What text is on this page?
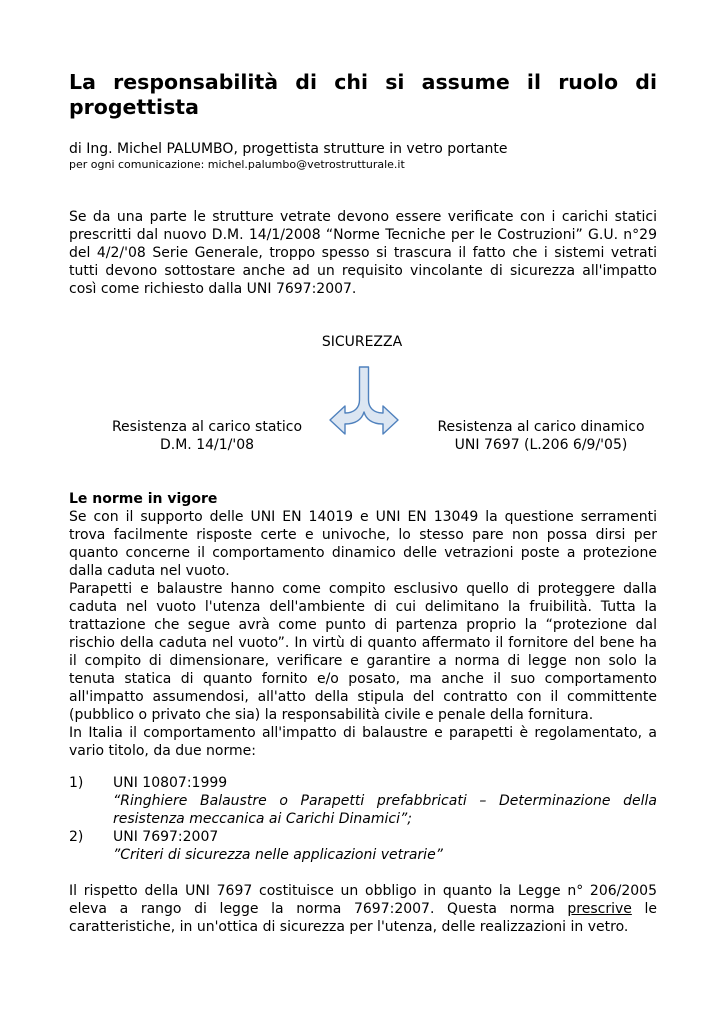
La responsabilità di chi si assume il ruolo di progettista
di Ing. Michel PALUMBO, progettista strutture in vetro portante
per ogni comunicazione: michel.palumbo@vetrostrutturale.it

Se da una parte le strutture vetrate devono essere verificate con i carichi statici prescritti dal nuovo D.M. 14/1/2008 “Norme Tecniche per le Costruzioni” G.U. n°29 del 4/2/'08 Serie Generale, troppo spesso si trascura il fatto che i sistemi vetrati tutti devono sottostare anche ad un requisito vincolante di sicurezza all'impatto così come richiesto dalla UNI 7697:2007.

SICUREZZA
Resistenza al carico statico
D.M. 14/1/'08
Resistenza al carico dinamico
UNI 7697 (L.206 6/9/'05)
Le norme in vigore

Se con il supporto delle UNI EN 14019 e UNI EN 13049 la questione serramenti trova facilmente risposte certe e univoche, lo stesso pare non possa dirsi per quanto concerne il comportamento dinamico delle vetrazioni poste a protezione dalla caduta nel vuoto.

Parapetti e balaustre hanno come compito esclusivo quello di proteggere dalla caduta nel vuoto l'utenza dell'ambiente di cui delimitano la fruibilità. Tutta la trattazione che segue avrà come punto di partenza proprio la “protezione dal rischio della caduta nel vuoto”. In virtù di quanto affermato il fornitore del bene ha il compito di dimensionare, verificare e garantire a norma di legge non solo la tenuta statica di quanto fornito e/o posato, ma anche il suo comportamento all'impatto assumendosi, all'atto della stipula del contratto con il committente (pubblico o privato che sia) la responsabilità civile e penale della fornitura.

In Italia il comportamento all'impatto di balaustre e parapetti è regolamentato, a vario titolo, da due norme:

1) UNI 10807:1999
“Ringhiere Balaustre o Parapetti prefabbricati – Determinazione della resistenza meccanica ai Carichi Dinamici”;
2) UNI 7697:2007
”Criteri di sicurezza nelle applicazioni vetrarie”

Il rispetto della UNI 7697 costituisce un obbligo in quanto la Legge n° 206/2005 eleva a rango di legge la norma 7697:2007. Questa norma prescrive le caratteristiche, in un'ottica di sicurezza per l'utenza, delle realizzazioni in vetro.
